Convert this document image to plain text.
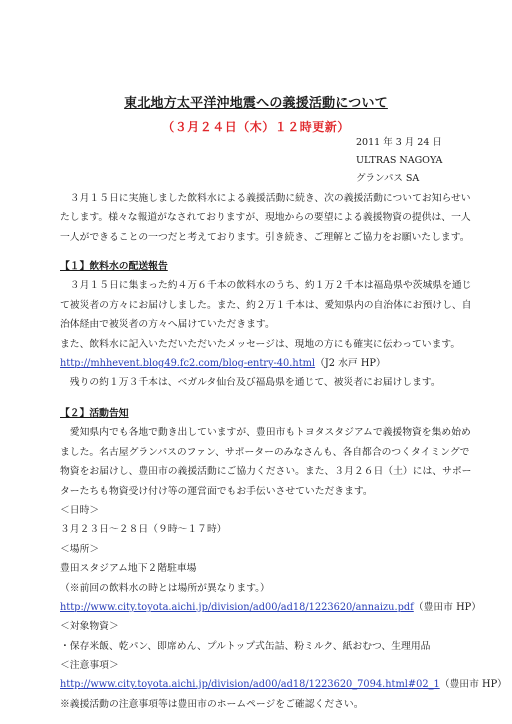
東北地方太平洋沖地震への義援活動について
（３月２４日（木）１２時更新）
2011 年 3 月 24 日
ULTRAS NAGOYA
グランパス SA
　３月１５日に実施しました飲料水による義援活動に続き、次の義援活動についてお知らせい
たします。様々な報道がなされておりますが、現地からの要望による義援物資の提供は、一人
一人ができることの一つだと考えております。引き続き、ご理解とご協力をお願いたします。
【１】飲料水の配送報告
　３月１５日に集まった約４万６千本の飲料水のうち、約１万２千本は福島県や茨城県を通じ
て被災者の方々にお届けしました。また、約２万１千本は、愛知県内の自治体にお預けし、自
治体経由で被災者の方々へ届けていただきます。
また、飲料水に記入いただいただいたメッセージは、現地の方にも確実に伝わっています。
http://mhhevent.blog49.fc2.com/blog-entry-40.html（J2 水戸 HP）
　残りの約１万３千本は、ベガルタ仙台及び福島県を通じて、被災者にお届けします。
【２】活動告知
　愛知県内でも各地で動き出していますが、豊田市もトヨタスタジアムで義援物資を集め始め
ました。名古屋グランパスのファン、サポーターのみなさんも、各自都合のつくタイミングで
物資をお届けし、豊田市の義援活動にご協力ください。また、３月２６日（土）には、サポー
ターたちも物資受け付け等の運営面でもお手伝いさせていただきます。
＜日時＞
３月２３日〜２８日（９時〜１７時）
＜場所＞
豊田スタジアム地下２階駐車場
（※前回の飲料水の時とは場所が異なります。）
http://www.city.toyota.aichi.jp/division/ad00/ad18/1223620/annaizu.pdf（豊田市 HP）
＜対象物資＞
・保存米飯、乾パン、即席めん、プルトップ式缶詰、粉ミルク、紙おむつ、生理用品
＜注意事項＞
http://www.city.toyota.aichi.jp/division/ad00/ad18/1223620_7094.html#02_1（豊田市 HP）
※義援活動の注意事項等は豊田市のホームページをご確認ください。
